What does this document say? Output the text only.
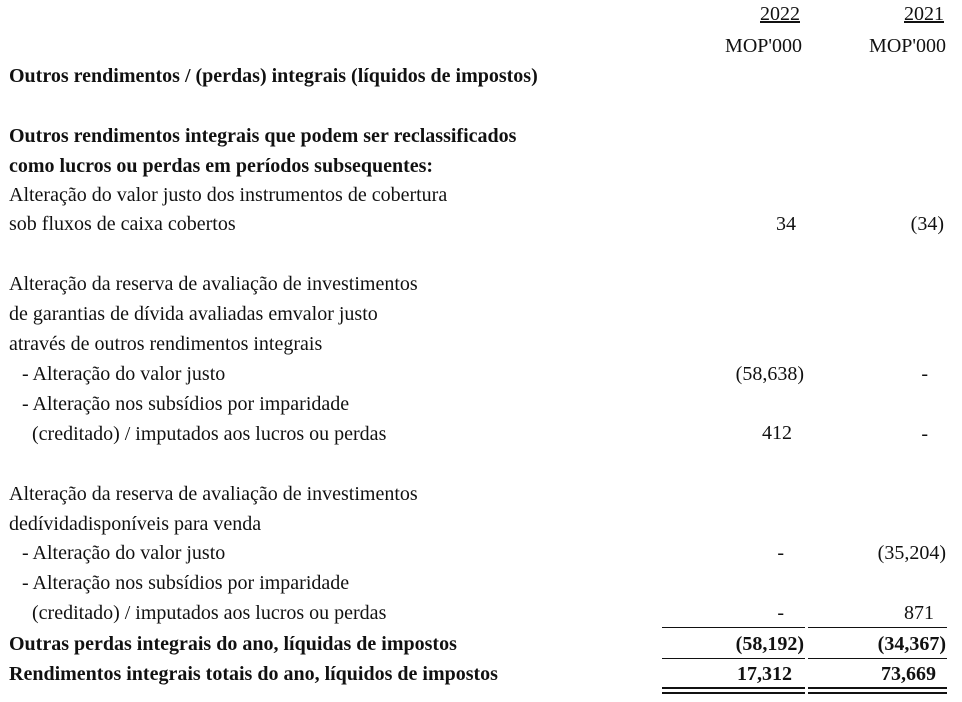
2022	2021
MOP'000	MOP'000
Outros rendimentos / (perdas) integrais (líquidos de impostos)
Outros rendimentos integrais que podem ser reclassificados
como lucros ou perdas em períodos subsequentes:
Alteração do valor justo dos instrumentos de cobertura
sob fluxos de caixa cobertos	34	(34)
Alteração da reserva de avaliação de investimentos
de garantias de dívida avaliadas emvalor justo
através de outros rendimentos integrais
- Alteração do valor justo	(58,638)	-
- Alteração nos subsídios por imparidade
(creditado) / imputados aos lucros ou perdas	412	-
Alteração da reserva de avaliação de investimentos
dedívidadisponíveis para venda
- Alteração do valor justo	-	(35,204)
- Alteração nos subsídios por imparidade
(creditado) / imputados aos lucros ou perdas	-	871
Outras perdas integrais do ano, líquidas de impostos	(58,192)	(34,367)
Rendimentos integrais totais do ano, líquidos de impostos	17,312	73,669
